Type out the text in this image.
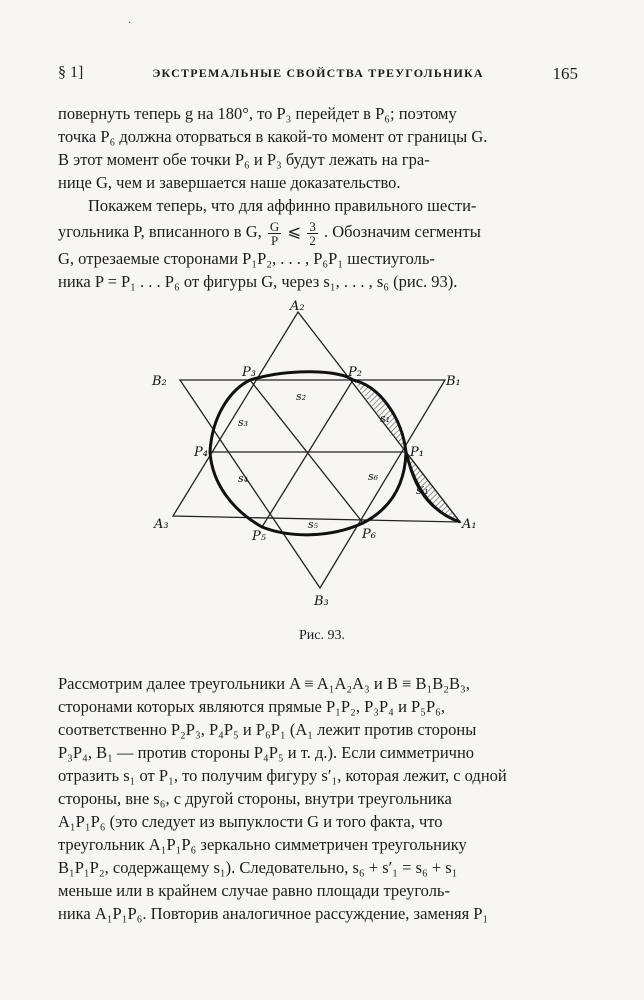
·
§ 1]	ЭКСТРЕМАЛЬНЫЕ СВОЙСТВА ТРЕУГОЛЬНИКА	165
повернуть теперь g на 180°, то P₃ перейдет в P₆; поэтому
точка P₆ должна оторваться в какой-то момент от границы G.
В этот момент обе точки P₆ и P₃ будут лежать на гра-
нице G, чем и завершается наше доказательство.
Покажем теперь, что для аффинно правильного шести-
угольника P, вписанного в G, $\frac{G}{P}$ ⩽ $\frac{3}{2}$ . Обозначим сегменты
G, отрезаемые сторонами P₁P₂, . . . , P₆P₁ шестиуголь-
ника P = P₁ . . . P₆ от фигуры G, через s₁, . . . , s₆ (рис. 93).
A₂
B₂	B₁
A₃	A₁
B₃
P₃	P₂
P₁
P₄
P₅	P₆
s₂
s₁
s₃
s₄
s₅
s₆
s′₁
Рис. 93.
Рассмотрим далее треугольники A ≡ A₁A₂A₃ и B ≡ B₁B₂B₃,
сторонами которых являются прямые P₁P₂, P₃P₄ и P₅P₆,
соответственно P₂P₃, P₄P₅ и P₆P₁ (A₁ лежит против стороны
P₃P₄, B₁ — против стороны P₄P₅ и т. д.). Если симметрично
отразить s₁ от P₁, то получим фигуру s′₁, которая лежит, с одной
стороны, вне s₆, с другой стороны, внутри треугольника
A₁P₁P₆ (это следует из выпуклости G и того факта, что
треугольник A₁P₁P₆ зеркально симметричен треугольнику
B₁P₁P₂, содержащему s₁). Следовательно, s₆ + s′₁ = s₆ + s₁
меньше или в крайнем случае равно площади треуголь-
ника A₁P₁P₆. Повторив аналогичное рассуждение, заменяя P₁
